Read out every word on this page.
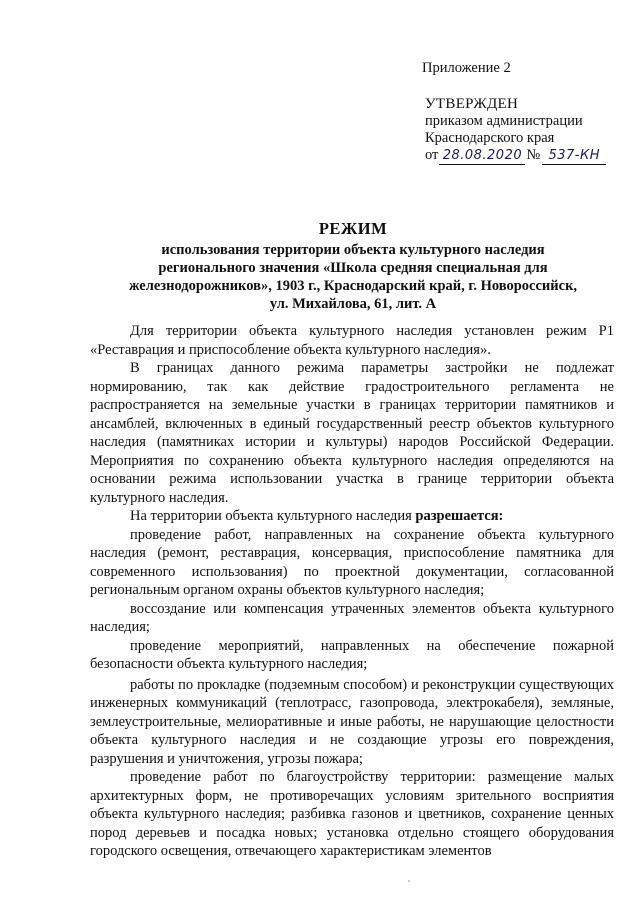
Приложение 2
УТВЕРЖДЕН
приказом администрации
Краснодарского края
от 28.08.2020 № 537-КН
РЕЖИМ
использования территории объекта культурного наследия
регионального значения «Школа средняя специальная для
железнодорожников», 1903 г., Краснодарский край, г. Новороссийск,
ул. Михайлова, 61, лит. А

Для территории объекта культурного наследия установлен режим Р1 «Реставрация и приспособление объекта культурного наследия».

В границах данного режима параметры застройки не подлежат нормированию, так как действие градостроительного регламента не распространяется на земельные участки в границах территории памятников и ансамблей, включенных в единый государственный реестр объектов культурного наследия (памятниках истории и культуры) народов Российской Федерации. Мероприятия по сохранению объекта культурного наследия определяются на основании режима использовании участка в границе территории объекта культурного наследия.

На территории объекта культурного наследия разрешается:

проведение работ, направленных на сохранение объекта культурного наследия (ремонт, реставрация, консервация, приспособление памятника для современного использования) по проектной документации, согласованной региональным органом охраны объектов культурного наследия;

воссоздание или компенсация утраченных элементов объекта культурного наследия;

проведение мероприятий, направленных на обеспечение пожарной безопасности объекта культурного наследия;

работы по прокладке (подземным способом) и реконструкции существующих инженерных коммуникаций (теплотрасс, газопровода, электрокабеля), земляные, землеустроительные, мелиоративные и иные работы, не нарушающие целостности объекта культурного наследия и не создающие угрозы его повреждения, разрушения и уничтожения, угрозы пожара;

проведение работ по благоустройству территории: размещение малых архитектурных форм, не противоречащих условиям зрительного восприятия объекта культурного наследия; разбивка газонов и цветников, сохранение ценных пород деревьев и посадка новых; установка отдельно стоящего оборудования городского освещения, отвечающего характеристикам элементов
